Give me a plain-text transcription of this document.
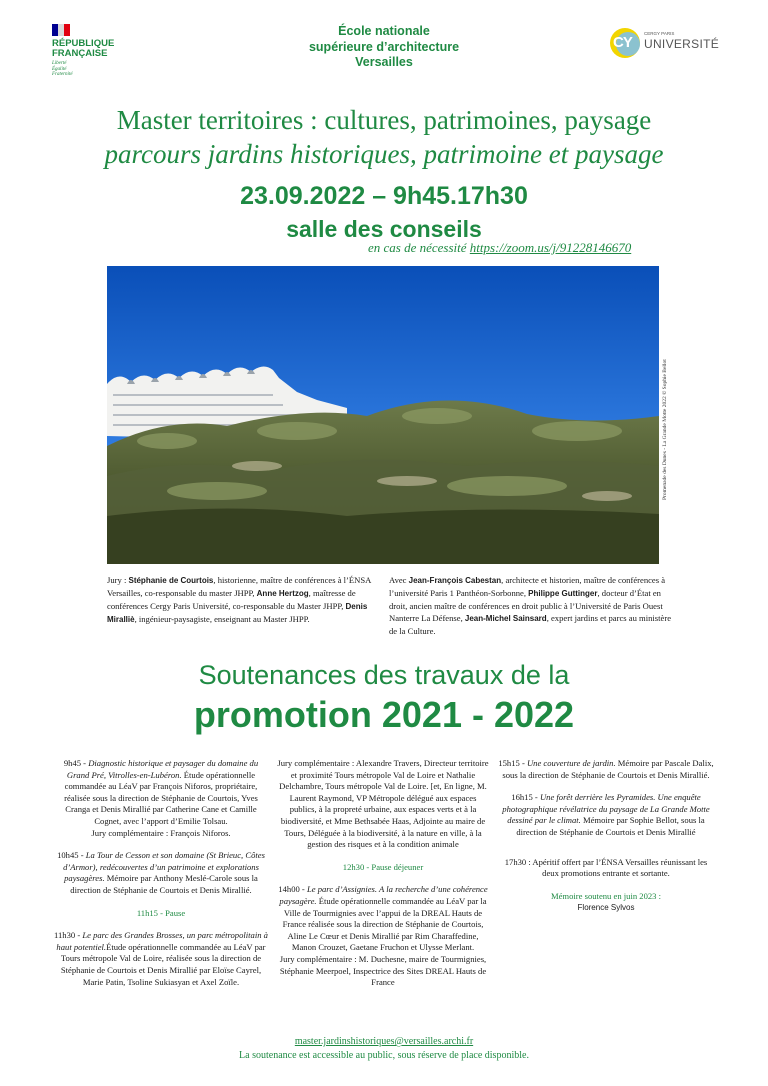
RÉPUBLIQUE
FRANÇAISE
Liberté
Égalité
Fraternité
École nationale
supérieure d’architecture
Versailles
CY
CERGY PARIS
UNIVERSITÉ
Master territoires : cultures, patrimoines, paysage
parcours jardins historiques, patrimoine et paysage
23.09.2022 – 9h45.17h30
salle des conseils
en cas de nécessité https://zoom.us/j/91228146670
Promenade des Dunes - La Grande Motte 2022 © Sophie Bellot
Jury : Stéphanie de Courtois, historienne, maître de conférences à l’ÉNSA Versailles, co-responsable du master JHPP, Anne Hertzog, maîtresse de conférences Cergy Paris Université, co-responsable du Master JHPP, Denis Miralliè, ingénieur-paysagiste, enseignant au Master JHPP.
Avec Jean-François Cabestan, architecte et historien, maître de conférences à l’université Paris 1 Panthéon-Sorbonne, Philippe Guttinger, docteur d’État en droit, ancien maître de conférences en droit public à l’Université de Paris Ouest Nanterre La Défense, Jean-Michel Sainsard, expert jardins et parcs au ministère de la Culture.
Soutenances des travaux de la
promotion 2021 - 2022

9h45 - Diagnostic historique et paysager du domaine du Grand Pré, Vitrolles-en-Lubéron. Étude opérationnelle commandée au LéaV par François Niforos, propriétaire, réalisée sous la direction de Stéphanie de Courtois, Yves Cranga et Denis Mirallié par Catherine Cane et Camille Cognet, avec l’apport d’Emilie Tolsau.
Jury complémentaire : François Niforos.

10h45 - La Tour de Cesson et son domaine (St Brieuc, Côtes d’Armor), redécouvertes d’un patrimoine et explorations paysagères. Mémoire par Anthony Meslé-Carole sous la direction de Stéphanie de Courtois et Denis Mirallié.

11h15 - Pause

11h30 - Le parc des Grandes Brosses, un parc métropolitain à haut potentiel.Étude opérationnelle commandée au LéaV par Tours métropole Val de Loire, réalisée sous la direction de Stéphanie de Courtois et Denis Mirallié par Eloïse Cayrel, Marie Patin, Tsoline Sukiasyan et Axel Zoïle.

Jury complémentaire : Alexandre Travers, Directeur territoire et proximité Tours métropole Val de Loire et Nathalie Delchambre, Tours métropole Val de Loire. [et, En ligne, M. Laurent Raymond, VP Métropole délégué aux espaces publics, à la propreté urbaine, aux espaces verts et à la biodiversité, et Mme Bethsabée Haas, Adjointe au maire de Tours, Déléguée à la biodiversité, à la nature en ville, à la gestion des risques et à la condition animale

12h30 - Pause déjeuner

14h00 - Le parc d’Assignies. A la recherche d’une cohérence paysagère. Étude opérationnelle commandée au LéaV par la Ville de Tourmignies avec l’appui de la DREAL Hauts de France réalisée sous la direction de Stéphanie de Courtois, Aline Le Cœur et Denis Mirallié par Rim Charaffedine, Manon Crouzet, Gaetane Fruchon et Ulysse Merlant.
Jury complémentaire : M. Duchesne, maire de Tourmignies, Stéphanie Meerpoel, Inspectrice des Sites DREAL Hauts de France

15h15 - Une couverture de jardin. Mémoire par Pascale Dalix, sous la direction de Stéphanie de Courtois et Denis Mirallié.

16h15 - Une forêt derrière les Pyramides. Une enquête photographique révélatrice du paysage de La Grande Motte dessiné par le climat. Mémoire par Sophie Bellot, sous la direction de Stéphanie de Courtois et Denis Mirallié

17h30 : Apéritif offert par l’ÉNSA Versailles réunissant les deux promotions entrante et sortante.

Mémoire soutenu en juin 2023 :
Florence Sylvos

master.jardinshistoriques@versailles.archi.fr
La soutenance est accessible au public, sous réserve de place disponible.
